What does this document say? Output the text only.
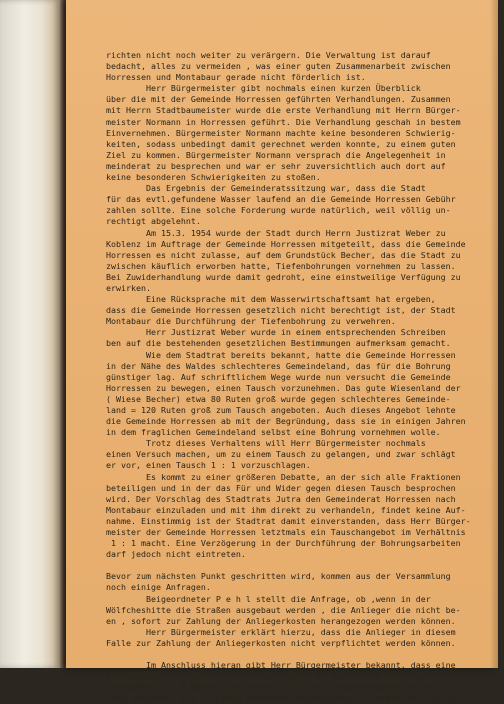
richten nicht noch weiter zu verärgern. Die Verwaltung ist darauf
bedacht, alles zu vermeiden , was einer guten Zusammenarbeit zwischen
Horressen und Montabaur gerade nicht förderlich ist.
Herr Bürgermeister gibt nochmals einen kurzen Überblick
über die mit der Gemeinde Horressen geführten Verhandlungen. Zusammen
mit Herrn Stadtbaumeister wurde die erste Verhandlung mit Herrn Bürger-
meister Normann in Horressen geführt. Die Verhandlung geschah in bestem
Einvernehmen. Bürgermeister Normann machte keine besonderen Schwierig-
keiten, sodass unbedingt damit gerechnet werden konnte, zu einem guten
Ziel zu kommen. Bürgermeister Normann versprach die Angelegenheit in
meinderat zu besprechen und war er sehr zuversichtlich auch dort auf
keine besonderen Schwierigkeiten zu stoßen.
Das Ergebnis der Gemeinderatssitzung war, dass die Stadt
für das evtl.gefundene Wasser laufend an die Gemeinde Horressen Gebühr
zahlen sollte. Eine solche Forderung wurde natürlich, weil völlig un-
rechtigt abgelehnt.
Am 15.3. 1954 wurde der Stadt durch Herrn Justizrat Weber zu
Koblenz im Auftrage der Gemeinde Horressen mitgeteilt, dass die Gemeinde
Horressen es nicht zulasse, auf dem Grundstück Becher, das die Stadt zu
zwischen käuflich erworben hatte, Tiefenbohrungen vornehmen zu lassen.
Bei Zuwiderhandlung wurde damit gedroht, eine einstweilige Verfügung zu
erwirken.
Eine Rücksprache mit dem Wasserwirtschaftsamt hat ergeben,
dass die Gemeinde Horressen gesetzlich nicht berechtigt ist, der Stadt
Montabaur die Durchführung der Tiefenbohrung zu verwehren.
Herr Justizrat Weber wurde in einem entsprechenden Schreiben
ben auf die bestehenden gesetzlichen Bestimmungen aufmerksam gemacht.
Wie dem Stadtrat bereits bekannt, hatte die Gemeinde Horressen
in der Nähe des Waldes schlechteres Gemeindeland, das für die Bohrung
günstiger lag. Auf schriftlichem Wege wurde nun versucht die Gemeinde
Horressen zu bewegen, einen Tausch vorzunehmen. Das gute Wiesenland der
( Wiese Becher) etwa 80 Ruten groß wurde gegen schlechteres Gemeinde-
land = 120 Ruten groß zum Tausch angeboten. Auch dieses Angebot lehnte
die Gemeinde Horressen ab mit der Begründung, dass sie in einigen Jahren
in dem fraglichen Gemeindeland selbst eine Bohrung vornehmen wolle.
Trotz dieses Verhaltens will Herr Bürgermeister nochmals
einen Versuch machen, um zu einem Tausch zu gelangen, und zwar schlägt
er vor, einen Tausch 1 : 1 vorzuschlagen.
Es kommt zu einer größeren Debatte, an der sich alle Fraktionen
beteiligen und in der das Für und Wider gegen diesen Tausch besprochen
wird. Der Vorschlag des Stadtrats Jutra den Gemeinderat Horressen nach
Montabaur einzuladen und mit ihm direkt zu verhandeln, findet keine Auf-
nahme. Einstimmig ist der Stadtrat damit einverstanden, dass Herr Bürger-
meister der Gemeinde Horressen letztmals ein Tauschangebot im Verhältnis
1 : 1 macht. Eine Verzögerung in der Durchführung der Bohrungsarbeiten
darf jedoch nicht eintreten.
Bevor zum nächsten Punkt geschritten wird, kommen aus der Versammlung
noch einige Anfragen.
Beigeordneter P e h l stellt die Anfrage, ob ,wenn in der
Wölfcheshitte die Straßen ausgebaut werden , die Anlieger die nicht be-
en , sofort zur Zahlung der Anliegerkosten herangezogen werden können.
Herr Bürgermeister erklärt hierzu, dass die Anlieger in diesem
Falle zur Zahlung der Anliegerkosten nicht verpflichtet werden können.
Im Anschluss hieran gibt Herr Bürgermeister bekannt, dass eine
Siedlungsgesellschaft in der Jahnstrasse, wo Wasser und Kanalisation
vorhanden ist, 8 Häuser errichten will, die Grundstücksbesitzer es je-
doch ablehnen, die in Frage kommenden Grundstücke zu verkaufen. Die Ge-
